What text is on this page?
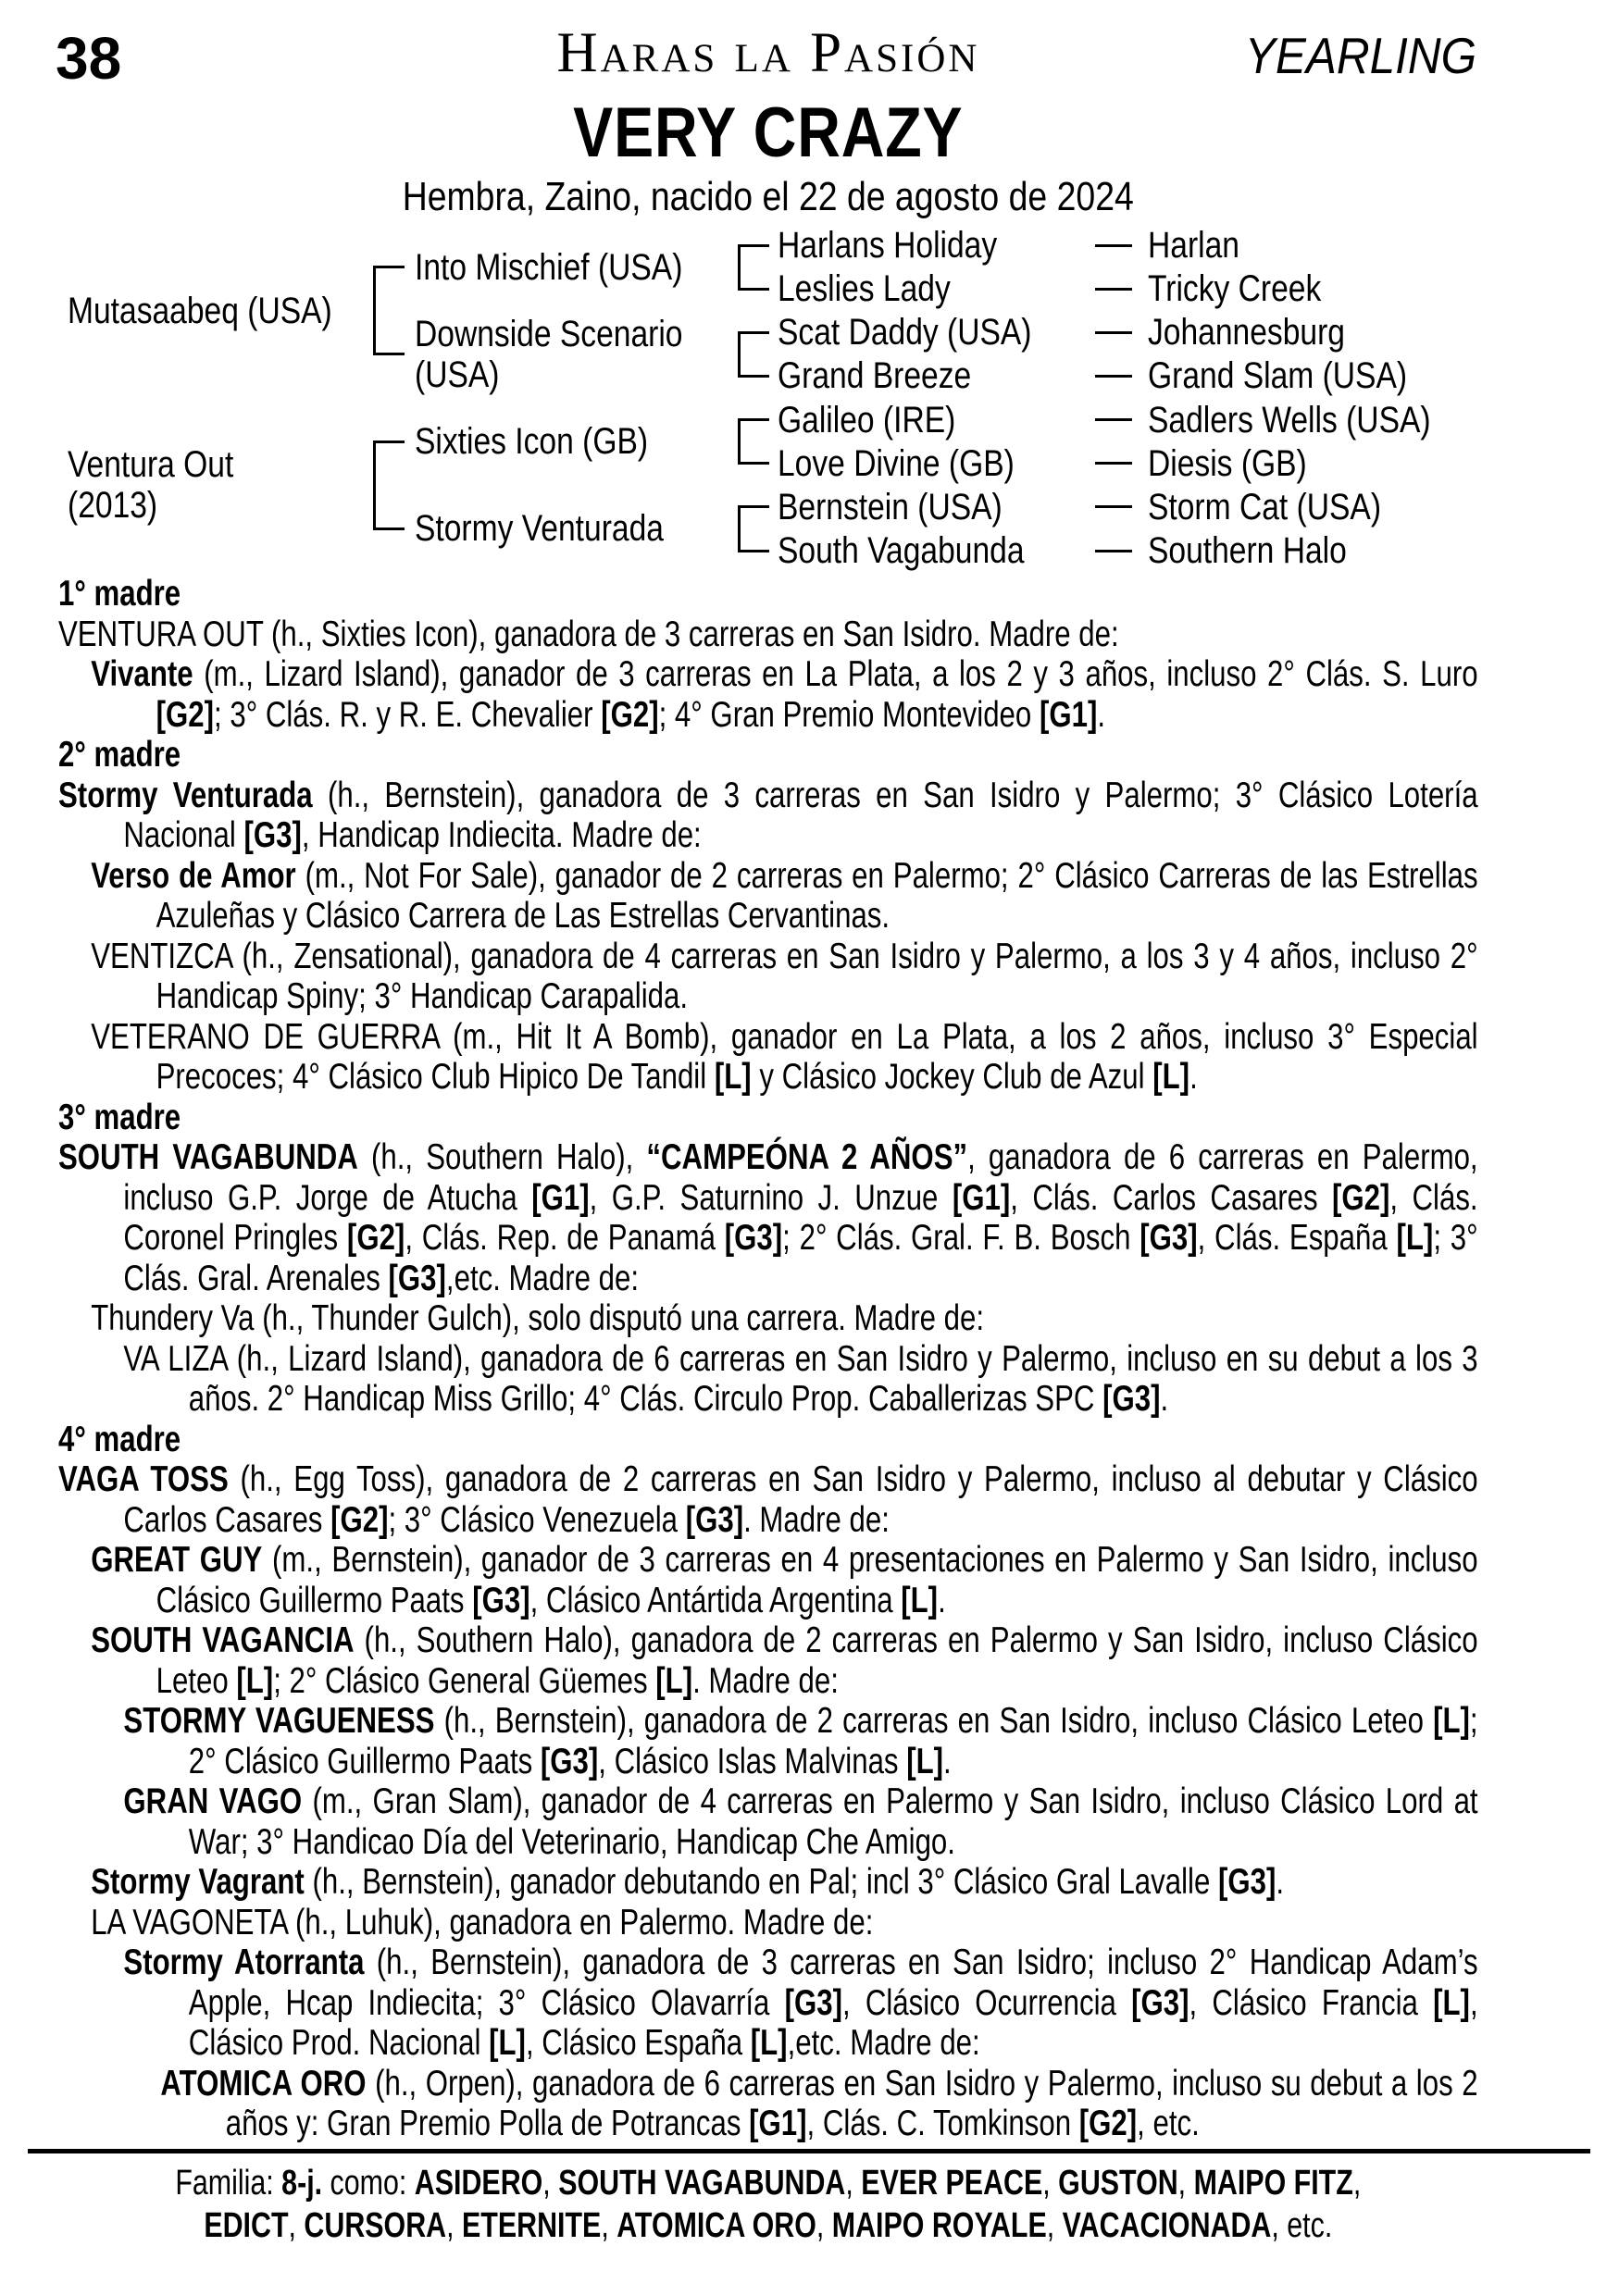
38	Haras la Pasión	YEARLING
VERY CRAZY
Hembra, Zaino, nacido el 22 de agosto de 2024
Mutasaabeq (USA)
Ventura Out
(2013)
Into Mischief (USA)
Downside Scenario
(USA)
Sixties Icon (GB)
Stormy Venturada
Harlans Holiday
Leslies Lady
Scat Daddy (USA)
Grand Breeze
Galileo (IRE)
Love Divine (GB)
Bernstein (USA)
South Vagabunda
Harlan
Tricky Creek
Johannesburg
Grand Slam (USA)
Sadlers Wells (USA)
Diesis (GB)
Storm Cat (USA)
Southern Halo

1° madre

VENTURA OUT (h., Sixties Icon), ganadora de 3 carreras en San Isidro. Madre de:

Vivante (m., Lizard Island), ganador de 3 carreras en La Plata, a los 2 y 3 años, incluso 2° Clás. S. Luro [G2]; 3° Clás. R. y R. E. Chevalier [G2]; 4° Gran Premio Montevideo [G1].

2° madre

Stormy Venturada (h., Bernstein), ganadora de 3 carreras en San Isidro y Palermo; 3° Clásico Lotería Nacional [G3], Handicap Indiecita. Madre de:

Verso de Amor (m., Not For Sale), ganador de 2 carreras en Palermo; 2° Clásico Carreras de las Estrellas Azuleñas y Clásico Carrera de Las Estrellas Cervantinas.

VENTIZCA (h., Zensational), ganadora de 4 carreras en San Isidro y Palermo, a los 3 y 4 años, incluso 2° Handicap Spiny; 3° Handicap Carapalida.

VETERANO DE GUERRA (m., Hit It A Bomb), ganador en La Plata, a los 2 años, incluso 3° Especial Precoces; 4° Clásico Club Hipico De Tandil [L] y Clásico Jockey Club de Azul [L].

3° madre

SOUTH VAGABUNDA (h., Southern Halo), “CAMPEÓNA 2 AÑOS”, ganadora de 6 carreras en Palermo, incluso G.P. Jorge de Atucha [G1], G.P. Saturnino J. Unzue [G1], Clás. Carlos Casares [G2], Clás. Coronel Pringles [G2], Clás. Rep. de Panamá [G3]; 2° Clás. Gral. F. B. Bosch [G3], Clás. España [L]; 3° Clás. Gral. Arenales [G3],etc. Madre de:

Thundery Va (h., Thunder Gulch), solo disputó una carrera. Madre de:

VA LIZA (h., Lizard Island), ganadora de 6 carreras en San Isidro y Palermo, incluso en su debut a los 3 años. 2° Handicap Miss Grillo; 4° Clás. Circulo Prop. Caballerizas SPC [G3].

4° madre

VAGA TOSS (h., Egg Toss), ganadora de 2 carreras en San Isidro y Palermo, incluso al debutar y Clásico Carlos Casares [G2]; 3° Clásico Venezuela [G3]. Madre de:

GREAT GUY (m., Bernstein), ganador de 3 carreras en 4 presentaciones en Palermo y San Isidro, incluso Clásico Guillermo Paats [G3], Clásico Antártida Argentina [L].

SOUTH VAGANCIA (h., Southern Halo), ganadora de 2 carreras en Palermo y San Isidro, incluso Clásico Leteo [L]; 2° Clásico General Güemes [L]. Madre de:

STORMY VAGUENESS (h., Bernstein), ganadora de 2 carreras en San Isidro, incluso Clásico Leteo [L]; 2° Clásico Guillermo Paats [G3], Clásico Islas Malvinas [L].

GRAN VAGO (m., Gran Slam), ganador de 4 carreras en Palermo y San Isidro, incluso Clásico Lord at War; 3° Handicao Día del Veterinario, Handicap Che Amigo.

Stormy Vagrant (h., Bernstein), ganador debutando en Pal; incl 3° Clásico Gral Lavalle [G3].

LA VAGONETA (h., Luhuk), ganadora en Palermo. Madre de:

Stormy Atorranta (h., Bernstein), ganadora de 3 carreras en San Isidro; incluso 2° Handicap Adam’s Apple, Hcap Indiecita; 3° Clásico Olavarría [G3], Clásico Ocurrencia [G3], Clásico Francia [L], Clásico Prod. Nacional [L], Clásico España [L],etc. Madre de:

ATOMICA ORO (h., Orpen), ganadora de 6 carreras en San Isidro y Palermo, incluso su debut a los 2 años y: Gran Premio Polla de Potrancas [G1], Clás. C. Tomkinson [G2], etc.

Familia: 8-j. como: ASIDERO, SOUTH VAGABUNDA, EVER PEACE, GUSTON, MAIPO FITZ,
EDICT, CURSORA, ETERNITE, ATOMICA ORO, MAIPO ROYALE, VACACIONADA, etc.
